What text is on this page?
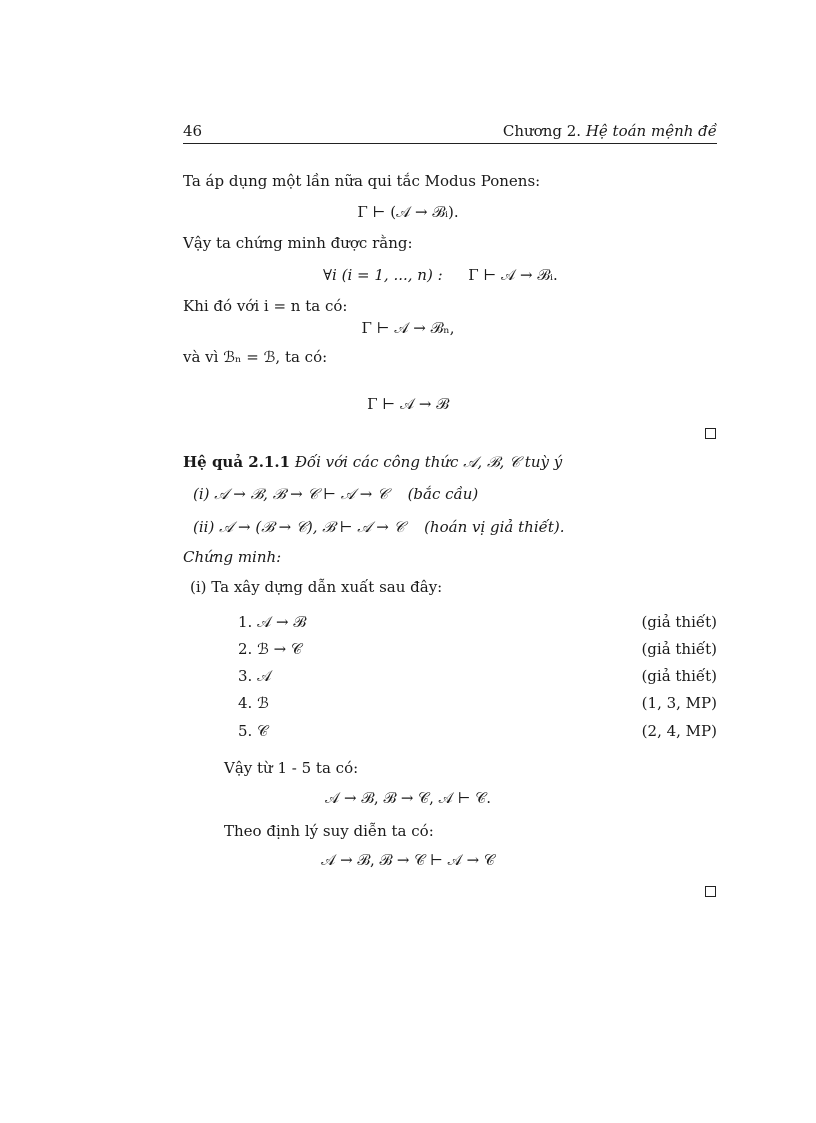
46	Chương 2. Hệ toán mệnh đề
Ta áp dụng một lần nữa qui tắc Modus Ponens:
Γ ⊢ (𝒜 → ℬᵢ).
Vậy ta chứng minh được rằng:
∀i (i = 1, ..., n) : Γ ⊢ 𝒜 → ℬᵢ.
Khi đó với i = n ta có:
Γ ⊢ 𝒜 → ℬₙ,
và vì ℬₙ = ℬ, ta có:
Γ ⊢ 𝒜 → ℬ
Hệ quả 2.1.1 Đối với các công thức 𝒜, ℬ, 𝒞 tuỳ ý
(i) 𝒜 → ℬ, ℬ → 𝒞 ⊢ 𝒜 → 𝒞 (bắc cầu)
(ii) 𝒜 → (ℬ → 𝒞), ℬ ⊢ 𝒜 → 𝒞 (hoán vị giả thiết).
Chứng minh:
(i) Ta xây dựng dẫn xuất sau đây:
1. 𝒜 → ℬ	(giả thiết)
2. ℬ → 𝒞	(giả thiết)
3. 𝒜	(giả thiết)
4. ℬ	(1, 3, MP)
5. 𝒞	(2, 4, MP)
Vậy từ 1 - 5 ta có:
𝒜 → ℬ, ℬ → 𝒞, 𝒜 ⊢ 𝒞.
Theo định lý suy diễn ta có:
𝒜 → ℬ, ℬ → 𝒞 ⊢ 𝒜 → 𝒞
